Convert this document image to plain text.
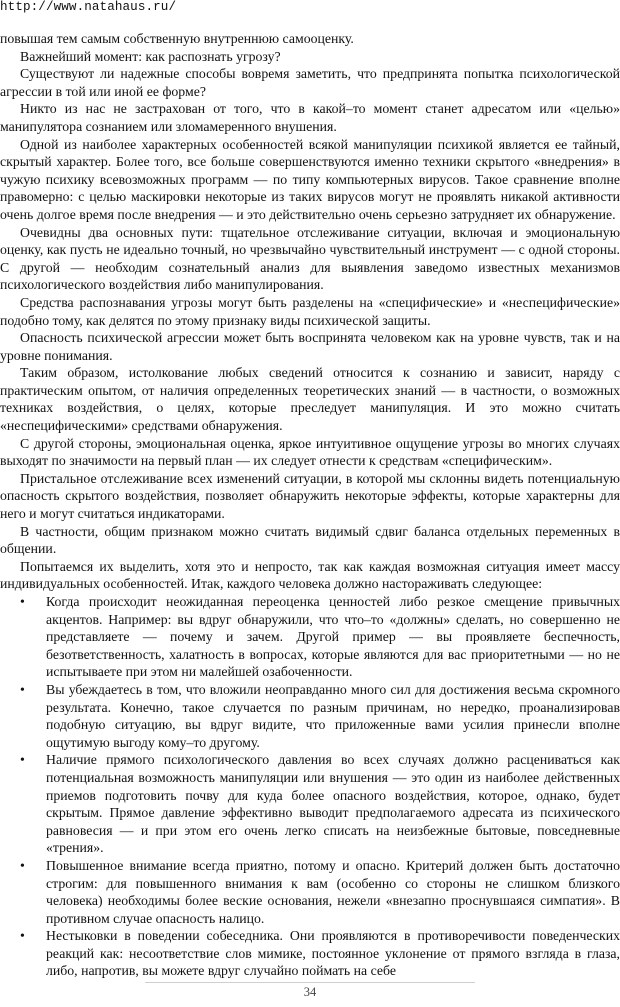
http://www.natahaus.ru/

повышая тем самым собственную внутреннюю самооценку.

Важнейший момент: как распознать угрозу?

Существуют ли надежные способы вовремя заметить, что предпринята попытка психологической агрессии в той или иной ее форме?

Никто из нас не застрахован от того, что в какой–то момент станет адресатом или «целью» манипулятора сознанием или зломамеренного внушения.

Одной из наиболее характерных особенностей всякой манипуляции психикой является ее тайный, скрытый характер. Более того, все больше совершенствуются именно техники скрытого «внедрения» в чужую психику всевозможных программ — по типу компьютерных вирусов. Такое сравнение вполне правомерно: с целью маскировки некоторые из таких вирусов могут не проявлять никакой активности очень долгое время после внедрения — и это действительно очень серьезно затрудняет их обнаружение.

Очевидны два основных пути: тщательное отслеживание ситуации, включая и эмоциональную оценку, как пусть не идеально точный, но чрезвычайно чувствительный инструмент — с одной стороны. С другой — необходим сознательный анализ для выявления заведомо известных механизмов психологического воздействия либо манипулирования.

Средства распознавания угрозы могут быть разделены на «специфические» и «неспецифические» подобно тому, как делятся по этому признаку виды психической защиты.

Опасность психической агрессии может быть воспринята человеком как на уровне чувств, так и на уровне понимания.

Таким образом, истолкование любых сведений относится к сознанию и зависит, наряду с практическим опытом, от наличия определенных теоретических знаний — в частности, о возможных техниках воздействия, о целях, которые преследует манипуляция. И это можно считать «неспецифическими» средствами обнаружения.

С другой стороны, эмоциональная оценка, яркое интуитивное ощущение угрозы во многих случаях выходят по значимости на первый план — их следует отнести к средствам «специфическим».

Пристальное отслеживание всех изменений ситуации, в которой мы склонны видеть потенциальную опасность скрытого воздействия, позволяет обнаружить некоторые эффекты, которые характерны для него и могут считаться индикаторами.

В частности, общим признаком можно считать видимый сдвиг баланса отдельных переменных в общении.

Попытаемся их выделить, хотя это и непросто, так как каждая возможная ситуация имеет массу индивидуальных особенностей. Итак, каждого человека должно настораживать следующее:

• Когда происходит неожиданная переоценка ценностей либо резкое смещение привычных акцентов. Например: вы вдруг обнаружили, что что–то «должны» сделать, но совершенно не представляете — почему и зачем. Другой пример — вы проявляете беспечность, безответственность, халатность в вопросах, которые являются для вас приоритетными — но не испытываете при этом ни малейшей озабоченности.
• Вы убеждаетесь в том, что вложили неоправданно много сил для достижения весьма скромного результата. Конечно, такое случается по разным причинам, но нередко, проанализировав подобную ситуацию, вы вдруг видите, что приложенные вами усилия принесли вполне ощутимую выгоду кому–то другому.
• Наличие прямого психологического давления во всех случаях должно расцениваться как потенциальная возможность манипуляции или внушения — это один из наиболее действенных приемов подготовить почву для куда более опасного воздействия, которое, однако, будет скрытым. Прямое давление эффективно выводит предполагаемого адресата из психического равновесия — и при этом его очень легко списать на неизбежные бытовые, повседневные «трения».
• Повышенное внимание всегда приятно, потому и опасно. Критерий должен быть достаточно строгим: для повышенного внимания к вам (особенно со стороны не слишком близкого человека) необходимы более веские основания, нежели «внезапно проснувшаяся симпатия». В противном случае опасность налицо.
• Нестыковки в поведении собеседника. Они проявляются в противоречивости поведенческих реакций как: несоответствие слов мимике, постоянное уклонение от прямого взгляда в глаза, либо, напротив, вы можете вдруг случайно поймать на себе
34
